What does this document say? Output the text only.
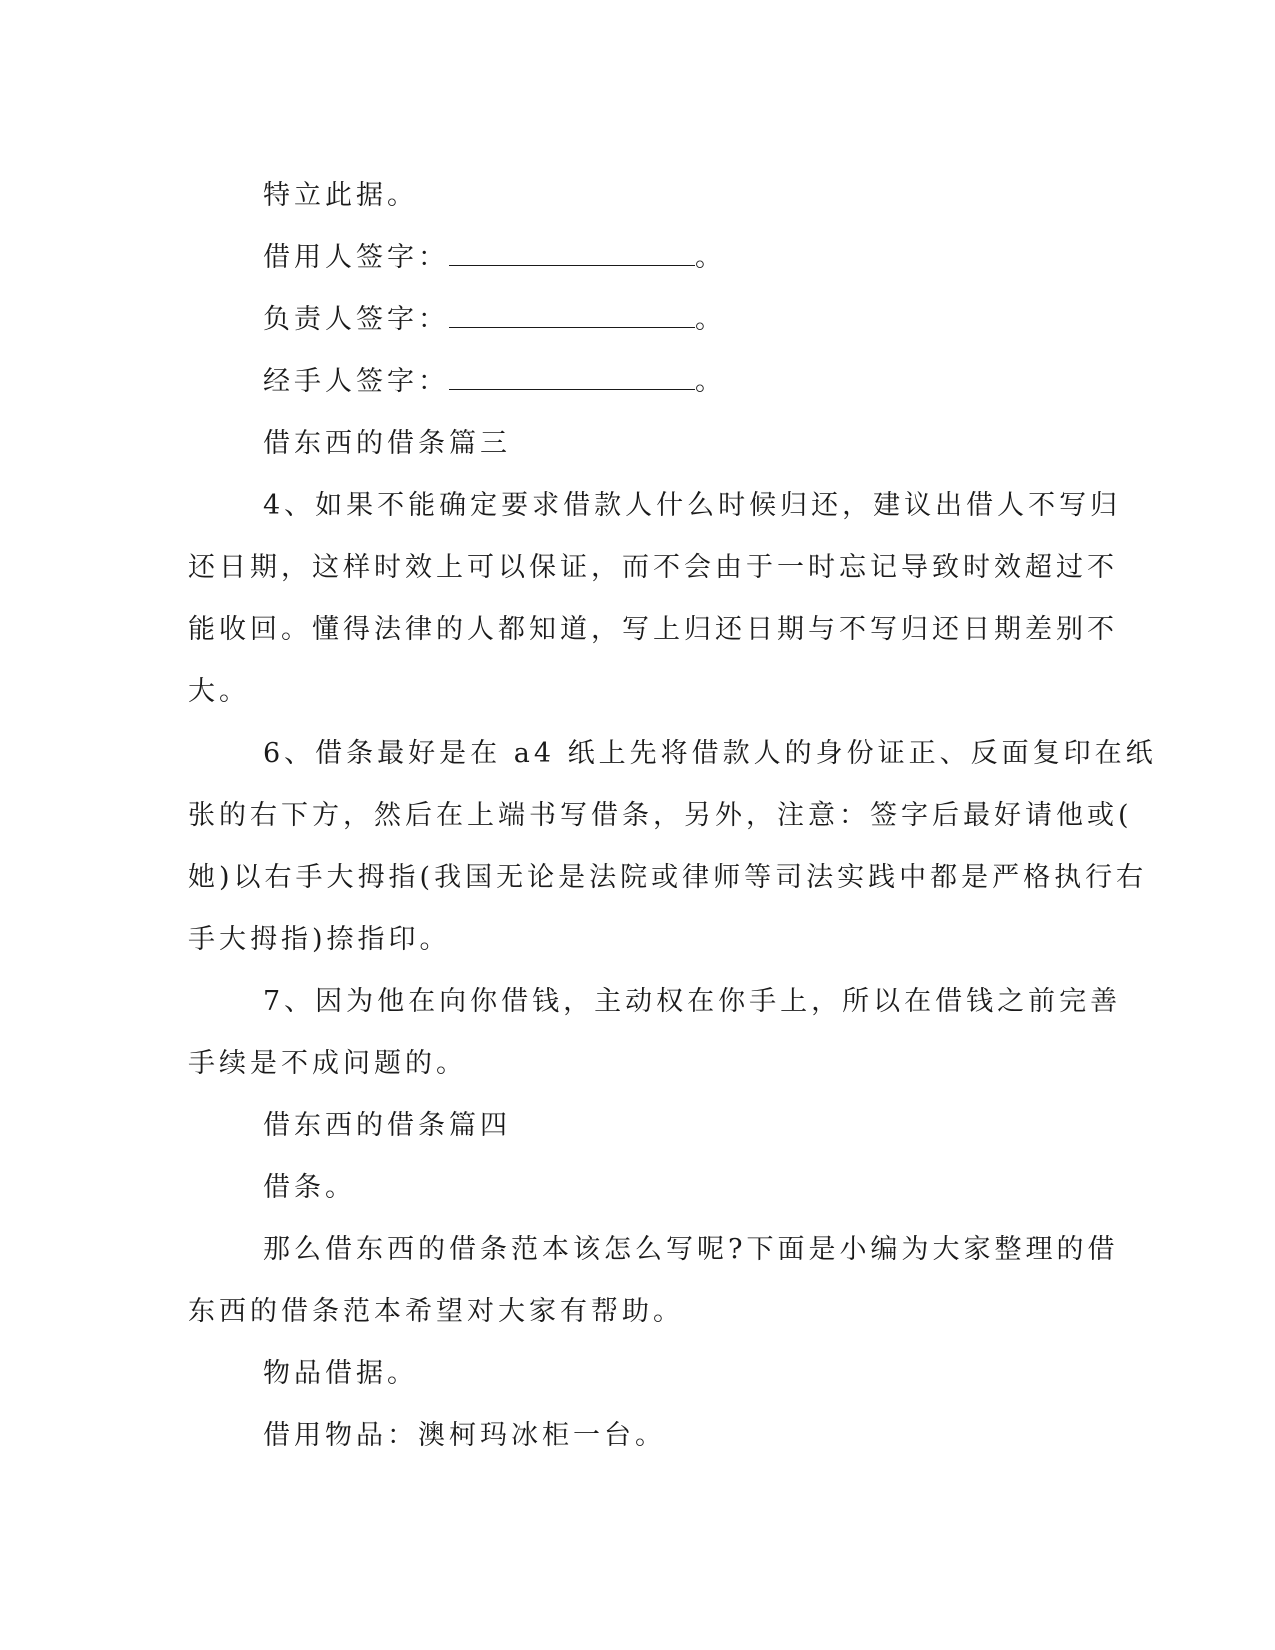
特立此据。
借用人签字：	。
负责人签字：	。
经手人签字：	。
借东西的借条篇三
4、如果不能确定要求借款人什么时候归还，建议出借人不写归
还日期，这样时效上可以保证，而不会由于一时忘记导致时效超过不
能收回。懂得法律的人都知道，写上归还日期与不写归还日期差别不
大。
6、借条最好是在 a4 纸上先将借款人的身份证正、反面复印在纸
张的右下方，然后在上端书写借条，另外，注意：签字后最好请他或(
她)以右手大拇指(我国无论是法院或律师等司法实践中都是严格执行右
手大拇指)捺指印。
7、因为他在向你借钱，主动权在你手上，所以在借钱之前完善
手续是不成问题的。
借东西的借条篇四
借条。
那么借东西的借条范本该怎么写呢?下面是小编为大家整理的借
东西的借条范本希望对大家有帮助。
物品借据。
借用物品：澳柯玛冰柜一台。
